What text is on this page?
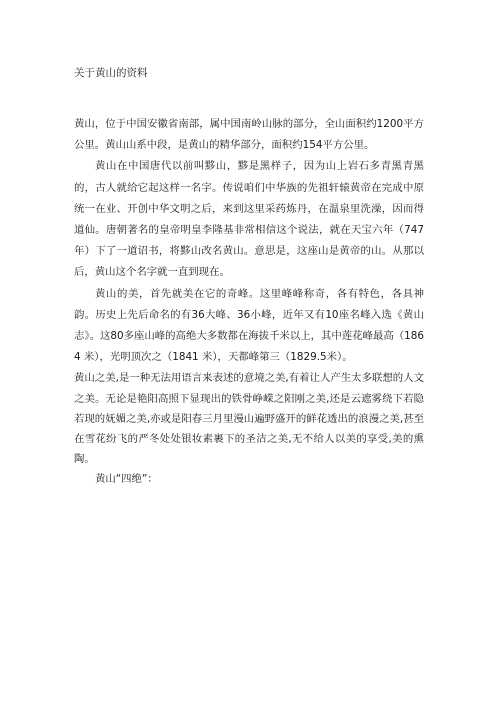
关于黄山的资料

黄山，位于中国安徽省南部，属中国南岭山脉的部分，全山面积约1200平方公里。黄山山系中段，是黄山的精华部分，面积约154平方公里。

黄山在中国唐代以前叫黟山，黟是黑样子，因为山上岩石多青黑青黑的，古人就给它起这样一名字。传说咱们中华族的先祖轩辕黄帝在完成中原统一在业、开创中华文明之后，来到这里采药炼丹，在温泉里洗澡，因而得道仙。唐朝著名的皇帝明皇李隆基非常相信这个说法，就在天宝六年（747年）下了一道诏书，将黟山改名黄山。意思是，这座山是黄帝的山。从那以后，黄山这个名字就一直到现在。

黄山的美，首先就美在它的奇峰。这里峰峰称奇，各有特色，各具神韵。历史上先后命名的有36大峰、36小峰，近年又有10座名峰入选《黄山志》。这80多座山峰的高绝大多数都在海拔千米以上，其中莲花峰最高（1864 米），光明顶次之（1841 米），天都峰第三（1829.5米）。

黄山之美,是一种无法用语言来表述的意境之美,有着让人产生太多联想的人文之美。无论是艳阳高照下显现出的铁骨峥嵘之阳刚之美,还是云遮雾绕下若隐若现的妩媚之美,亦或是阳春三月里漫山遍野盛开的鲜花透出的浪漫之美,甚至在雪花纷飞的严冬处处银妆素裹下的圣洁之美,无不给人以美的享受,美的熏陶。

黄山“四绝”：
